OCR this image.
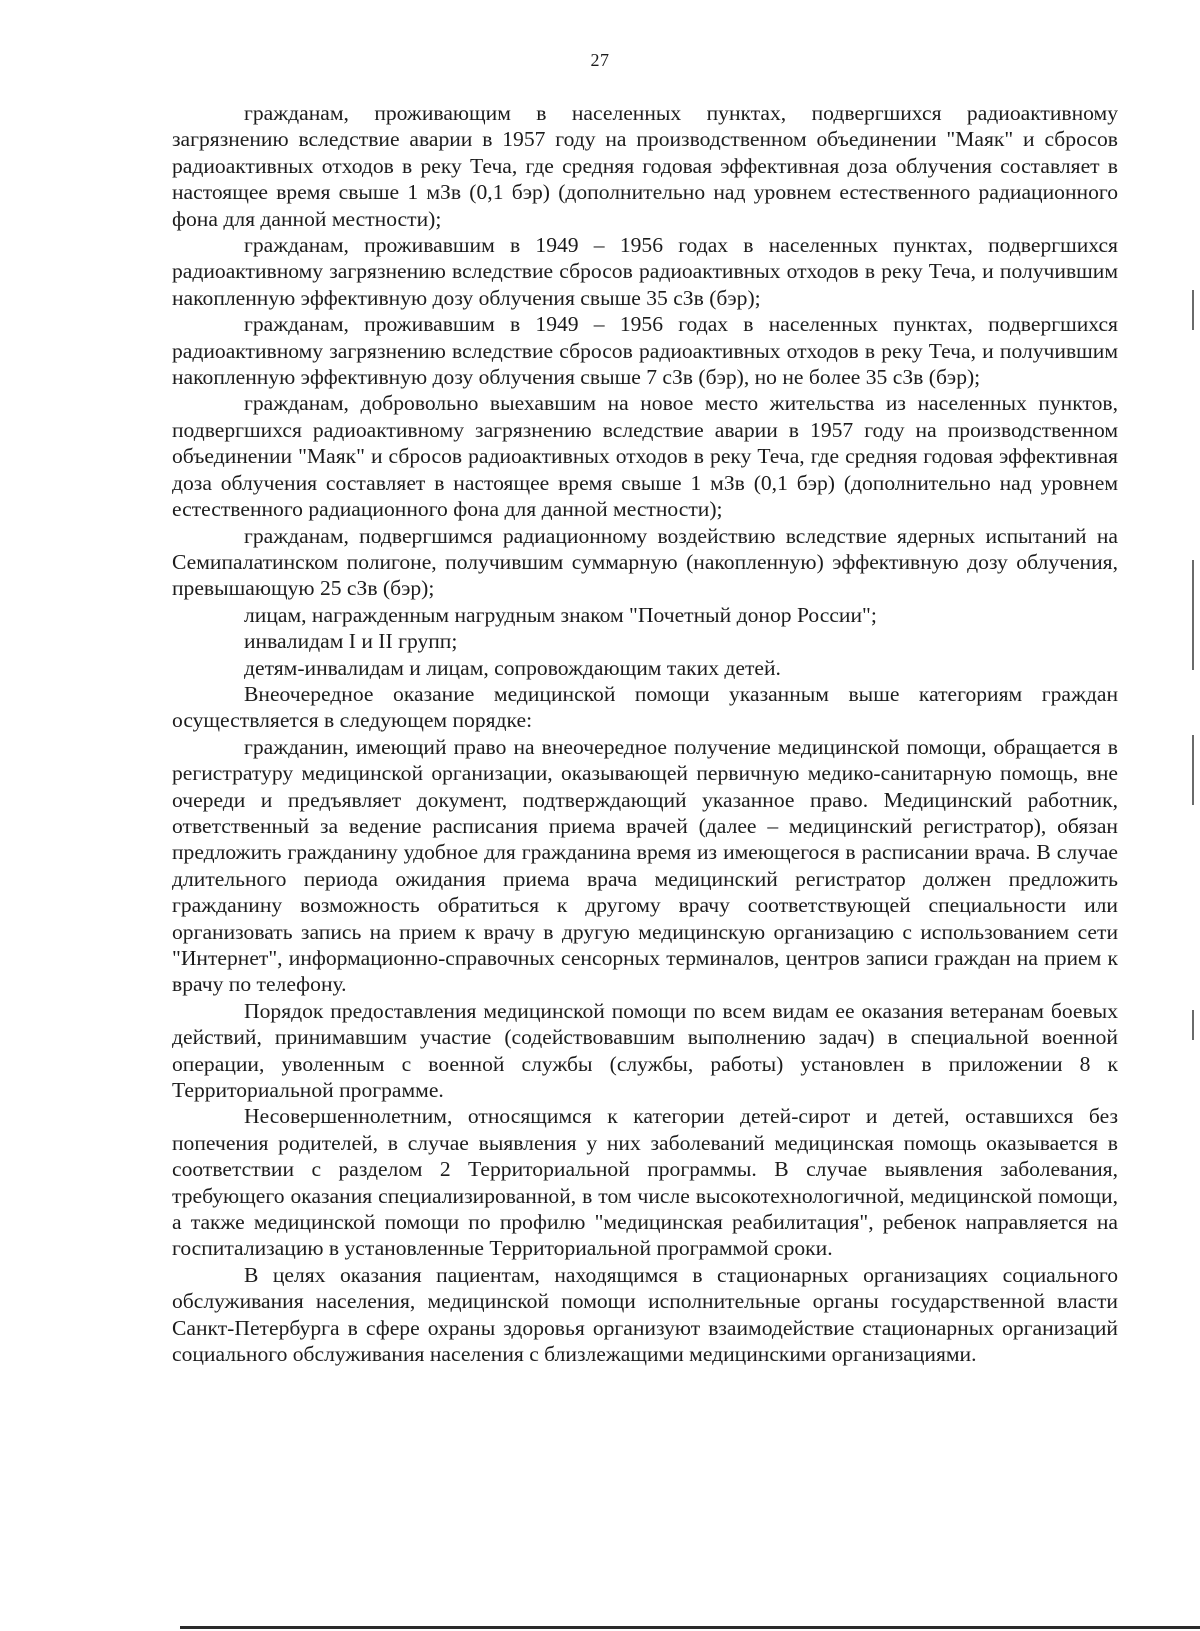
27

гражданам, проживающим в населенных пунктах, подвергшихся радиоактивному загрязнению вследствие аварии в 1957 году на производственном объединении "Маяк" и сбросов радиоактивных отходов в реку Теча, где средняя годовая эффективная доза облучения составляет в настоящее время свыше 1 мЗв (0,1 бэр) (дополнительно над уровнем естественного радиационного фона для данной местности);

гражданам, проживавшим в 1949 – 1956 годах в населенных пунктах, подвергшихся радиоактивному загрязнению вследствие сбросов радиоактивных отходов в реку Теча, и получившим накопленную эффективную дозу облучения свыше 35 сЗв (бэр);

гражданам, проживавшим в 1949 – 1956 годах в населенных пунктах, подвергшихся радиоактивному загрязнению вследствие сбросов радиоактивных отходов в реку Теча, и получившим накопленную эффективную дозу облучения свыше 7 сЗв (бэр), но не более 35 сЗв (бэр);

гражданам, добровольно выехавшим на новое место жительства из населенных пунктов, подвергшихся радиоактивному загрязнению вследствие аварии в 1957 году на производственном объединении "Маяк" и сбросов радиоактивных отходов в реку Теча, где средняя годовая эффективная доза облучения составляет в настоящее время свыше 1 мЗв (0,1 бэр) (дополнительно над уровнем естественного радиационного фона для данной местности);

гражданам, подвергшимся радиационному воздействию вследствие ядерных испытаний на Семипалатинском полигоне, получившим суммарную (накопленную) эффективную дозу облучения, превышающую 25 сЗв (бэр);

лицам, награжденным нагрудным знаком "Почетный донор России";

инвалидам I и II групп;

детям-инвалидам и лицам, сопровождающим таких детей.

Внеочередное оказание медицинской помощи указанным выше категориям граждан осуществляется в следующем порядке:

гражданин, имеющий право на внеочередное получение медицинской помощи, обращается в регистратуру медицинской организации, оказывающей первичную медико-санитарную помощь, вне очереди и предъявляет документ, подтверждающий указанное право. Медицинский работник, ответственный за ведение расписания приема врачей (далее – медицинский регистратор), обязан предложить гражданину удобное для гражданина время из имеющегося в расписании врача. В случае длительного периода ожидания приема врача медицинский регистратор должен предложить гражданину возможность обратиться к другому врачу соответствующей специальности или организовать запись на прием к врачу в другую медицинскую организацию с использованием сети "Интернет", информационно-справочных сенсорных терминалов, центров записи граждан на прием к врачу по телефону.

Порядок предоставления медицинской помощи по всем видам ее оказания ветеранам боевых действий, принимавшим участие (содействовавшим выполнению задач) в специальной военной операции, уволенным с военной службы (службы, работы) установлен в приложении 8 к Территориальной программе.

Несовершеннолетним, относящимся к категории детей-сирот и детей, оставшихся без попечения родителей, в случае выявления у них заболеваний медицинская помощь оказывается в соответствии с разделом 2 Территориальной программы. В случае выявления заболевания, требующего оказания специализированной, в том числе высокотехнологичной, медицинской помощи, а также медицинской помощи по профилю "медицинская реабилитация", ребенок направляется на госпитализацию в установленные Территориальной программой сроки.

В целях оказания пациентам, находящимся в стационарных организациях социального обслуживания населения, медицинской помощи исполнительные органы государственной власти Санкт-Петербурга в сфере охраны здоровья организуют взаимодействие стационарных организаций социального обслуживания населения с близлежащими медицинскими организациями.
